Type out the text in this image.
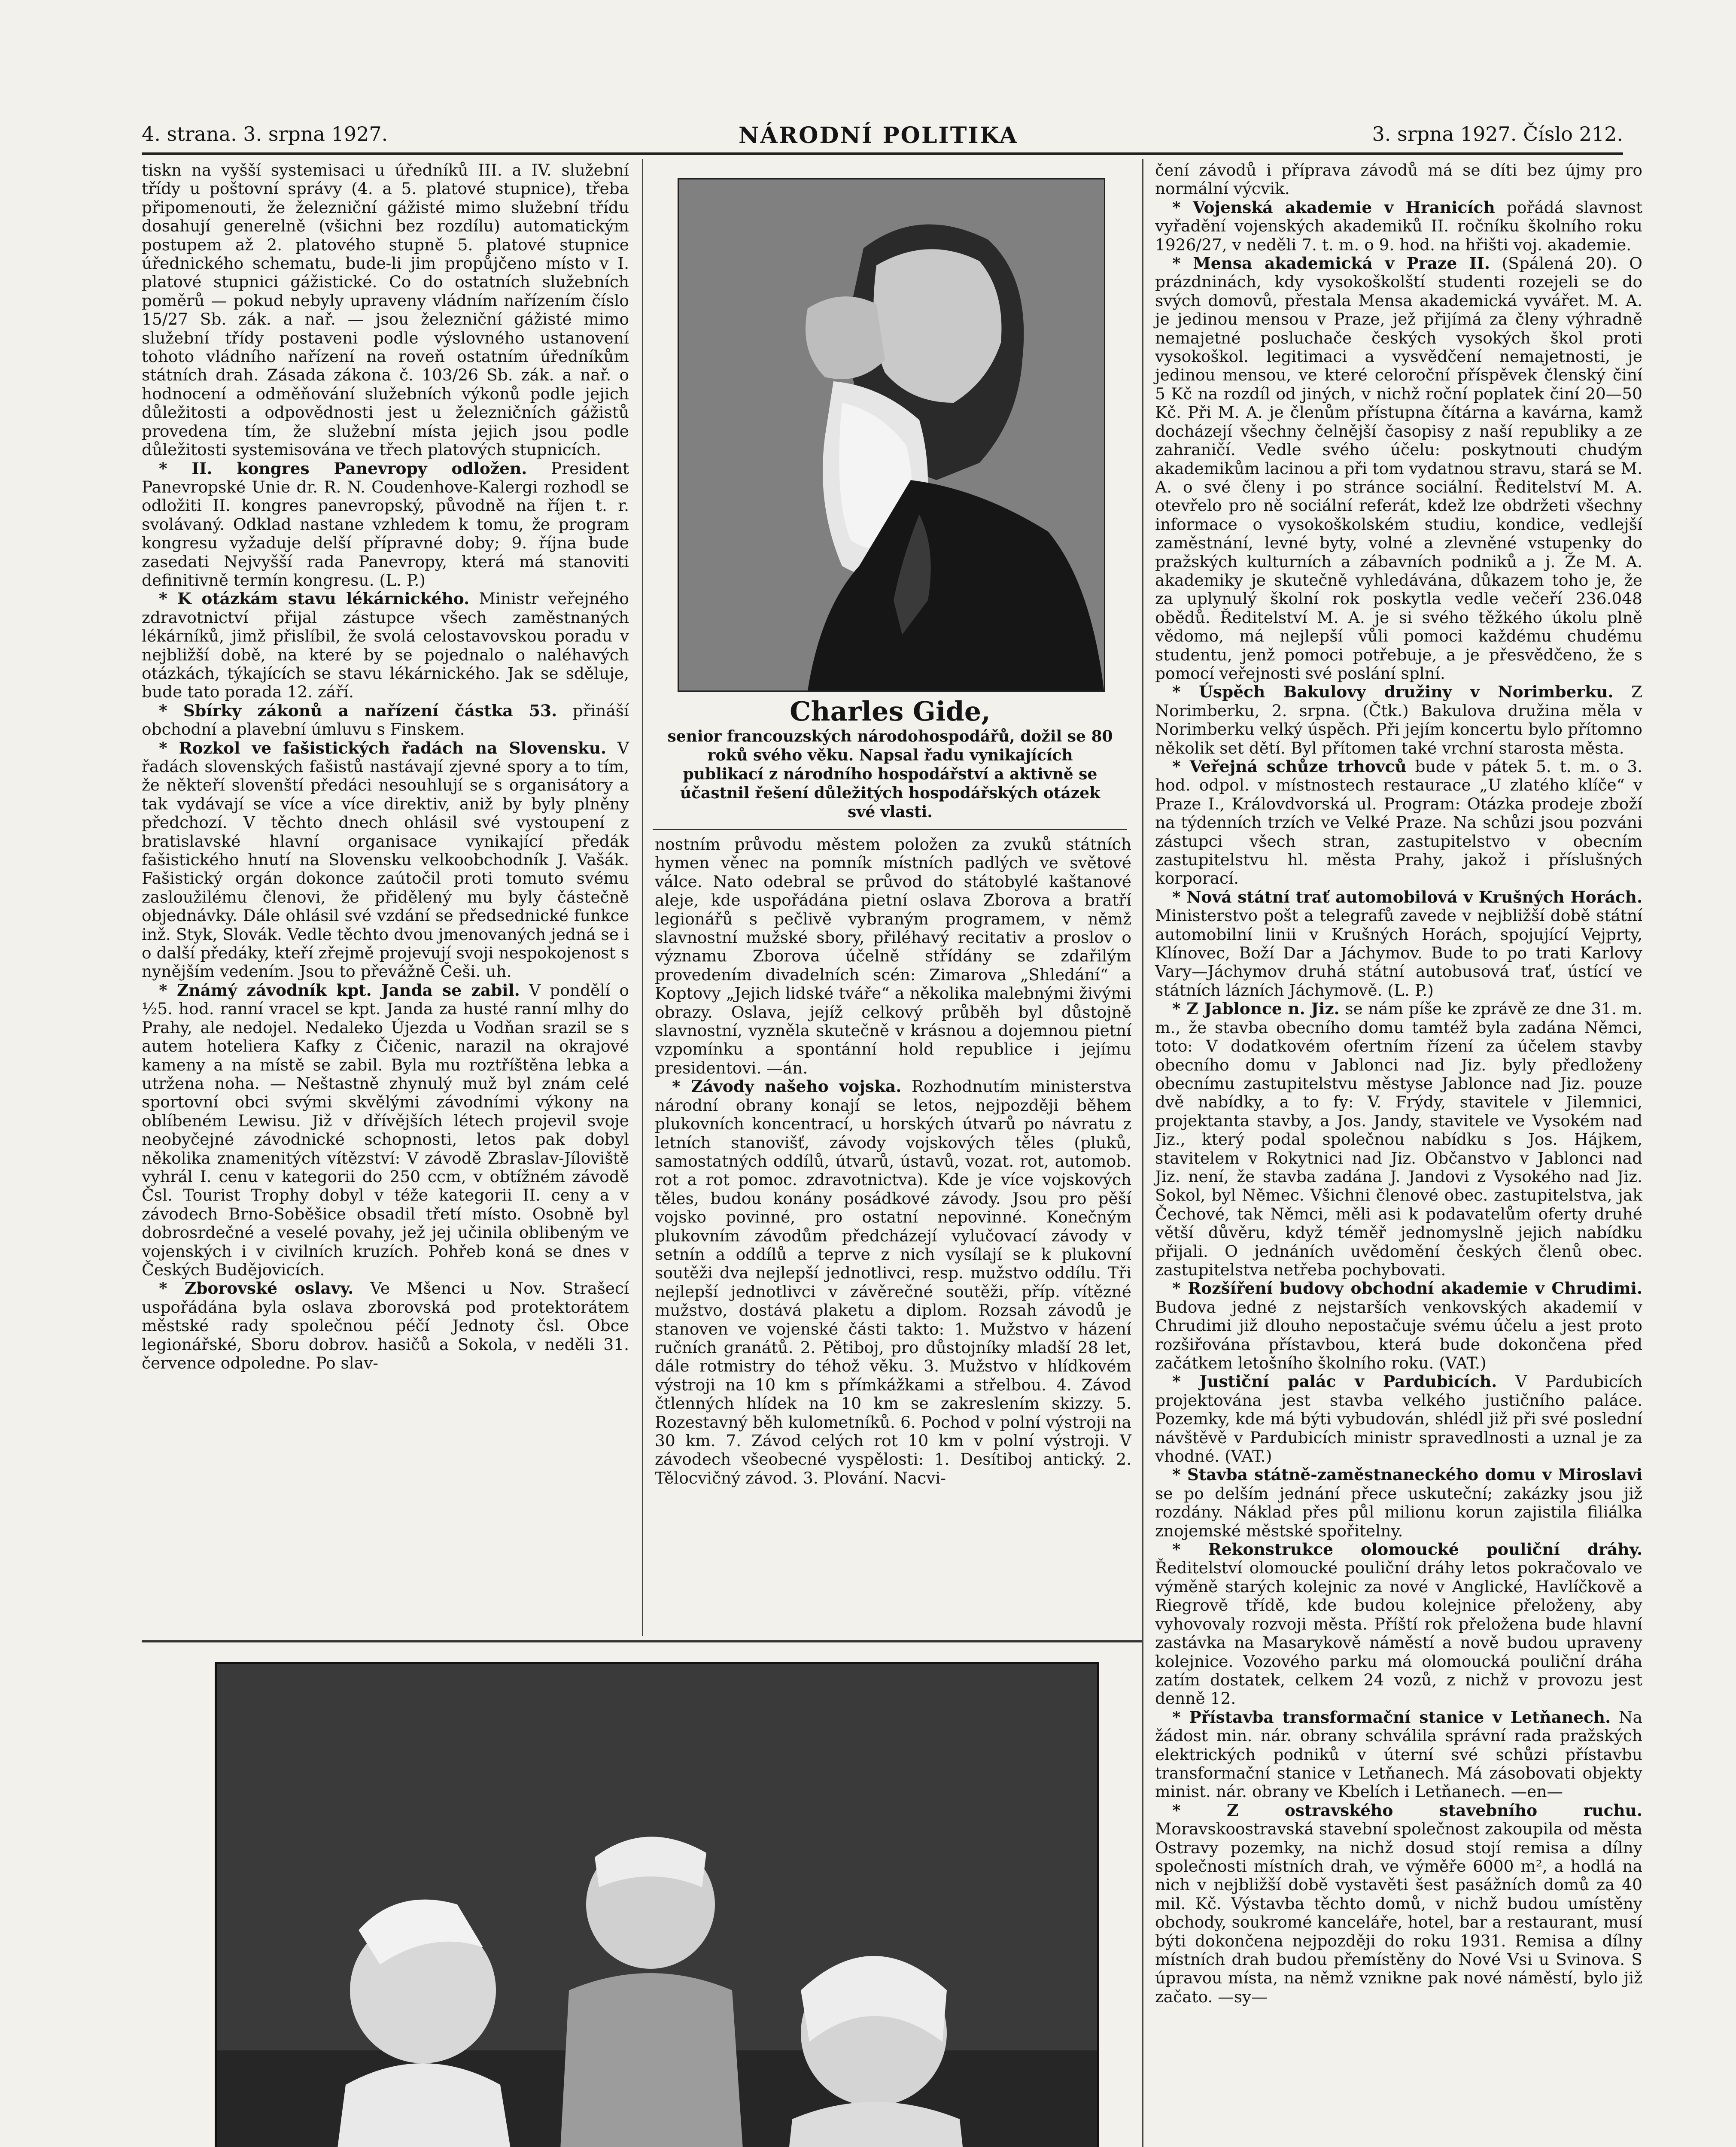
4. strana. 3. srpna 1927.	NÁRODNÍ POLITIKA	3. srpna 1927. Číslo 212.

tiskn na vyšší systemisaci u úředníků III. a IV. služební třídy u poštovní správy (4. a 5. platové stupnice), třeba připomenouti, že železniční gážisté mimo služební třídu dosahují generelně (všichni bez rozdílu) automatickým postupem až 2. platového stupně 5. platové stupnice úřednického schematu, bude-li jim propůjčeno místo v I. platové stupnici gážistické. Co do ostatních služebních poměrů — pokud nebyly upraveny vládním nařízením číslo 15/27 Sb. zák. a nař. — jsou železniční gážisté mimo služební třídy postaveni podle výslovného ustanovení tohoto vládního nařízení na roveň ostatním úředníkům státních drah. Zásada zákona č. 103/26 Sb. zák. a nař. o hodnocení a odměňování služebních výkonů podle jejich důležitosti a odpovědnosti jest u železničních gážistů provedena tím, že služební místa jejich jsou podle důležitosti systemisována ve třech platových stupnicích.

* II. kongres Panevropy odložen. President Panevropské Unie dr. R. N. Coudenhove-Kalergi rozhodl se odložiti II. kongres panevropský, původně na říjen t. r. svolávaný. Odklad nastane vzhledem k tomu, že program kongresu vyžaduje delší přípravné doby; 9. října bude zasedati Nejvyšší rada Panevropy, která má stanoviti definitivně termín kongresu. (L. P.)

* K otázkám stavu lékárnického. Ministr veřejného zdravotnictví přijal zástupce všech zaměstnaných lékárníků, jimž přislíbil, že svolá celostavovskou poradu v nejbližší době, na které by se pojednalo o naléhavých otázkách, týkajících se stavu lékárnického. Jak se sděluje, bude tato porada 12. září.

* Sbírky zákonů a nařízení částka 53. přináší obchodní a plavební úmluvu s Finskem.

* Rozkol ve fašistických řadách na Slovensku. V řadách slovenských fašistů nastávají zjevné spory a to tím, že někteří slovenští předáci nesouhlují se s organisátory a tak vydávají se více a více direktiv, aniž by byly plněny předchozí. V těchto dnech ohlásil své vystoupení z bratislavské hlavní organisace vynikající předák fašistického hnutí na Slovensku velkoobchodník J. Vašák. Fašistický orgán dokonce zaútočil proti tomuto svému zasloužilému členovi, že přidělený mu byly částečně objednávky. Dále ohlásil své vzdání se předsednické funkce inž. Styk, Slovák. Vedle těchto dvou jmenovaných jedná se i o další předáky, kteří zřejmě projevují svoji nespokojenost s nynějším vedením. Jsou to převážně Češi. uh.

* Známý závodník kpt. Janda se zabil. V pondělí o ½5. hod. ranní vracel se kpt. Janda za husté ranní mlhy do Prahy, ale nedojel. Nedaleko Újezda u Vodňan srazil se s autem hoteliera Kafky z Čičenic, narazil na okrajové kameny a na místě se zabil. Byla mu roztříštěna lebka a utržena noha. — Neštastně zhynulý muž byl znám celé sportovní obci svými skvělými závodními výkony na oblíbeném Lewisu. Již v dřívějších létech projevil svoje neobyčejné závodnické schopnosti, letos pak dobyl několika znamenitých vítězství: V závodě Zbraslav-Jíloviště vyhrál I. cenu v kategorii do 250 ccm, v obtížném závodě Čsl. Tourist Trophy dobyl v téže kategorii II. ceny a v závodech Brno-Soběšice obsadil třetí místo. Osobně byl dobrosrdečné a veselé povahy, jež jej učinila oblibeným ve vojenských i v civilních kruzích. Pohřeb koná se dnes v Českých Budějovicích.

* Zborovské oslavy. Ve Mšenci u Nov. Strašecí uspořádána byla oslava zborovská pod protektorátem městské rady společnou péčí Jednoty čsl. Obce legionářské, Sboru dobrov. hasičů a Sokola, v neděli 31. července odpoledne. Po slav-

Charles Gide,
senior francouzských národohospodářů, dožil se 80 roků svého věku. Napsal řadu vynikajících publikací z národního hospodářství a aktivně se účastnil řešení důležitých hospodářských otázek své vlasti.

nostním průvodu městem položen za zvuků státních hymen věnec na pomník místních padlých ve světové válce. Nato odebral se průvod do státobylé kaštanové aleje, kde uspořádána pietní oslava Zborova a bratří legionářů s pečlivě vybraným programem, v němž slavnostní mužské sbory, přiléhavý recitativ a proslov o významu Zborova účelně střídány se zdařilým provedením divadelních scén: Zimarova „Shledání“ a Koptovy „Jejich lidské tváře“ a několika malebnými živými obrazy. Oslava, jejíž celkový průběh byl důstojně slavnostní, vyzněla skutečně v krásnou a dojemnou pietní vzpomínku a spontánní hold republice i jejímu presidentovi. —án.

* Závody našeho vojska. Rozhodnutím ministerstva národní obrany konají se letos, nejpozději během plukovních koncentrací, u horských útvarů po návratu z letních stanovišť, závody vojskových těles (pluků, samostatných oddílů, útvarů, ústavů, vozat. rot, automob. rot a rot pomoc. zdravotnictva). Kde je více vojskových těles, budou konány posádkové závody. Jsou pro pěší vojsko povinné, pro ostatní nepovinné. Konečným plukovním závodům předcházejí vylučovací závody v setnín a oddílů a teprve z nich vysílají se k plukovní soutěži dva nejlepší jednotlivci, resp. mužstvo oddílu. Tři nejlepší jednotlivci v závěrečné soutěži, příp. vítězné mužstvo, dostává plaketu a diplom. Rozsah závodů je stanoven ve vojenské části takto: 1. Mužstvo v házení ručních granátů. 2. Pětiboj, pro důstojníky mladší 28 let, dále rotmistry do téhož věku. 3. Mužstvo v hlídkovém výstroji na 10 km s přímkážkami a střelbou. 4. Závod čtlenných hlídek na 10 km se zakreslením skizzy. 5. Rozestavný běh kulometníků. 6. Pochod v polní výstroji na 30 km. 7. Závod celých rot 10 km v polní výstroji. V závodech všeobecné vyspělosti: 1. Desítiboj antický. 2. Tělocvičný závod. 3. Plování. Nacvi-

čení závodů i příprava závodů má se díti bez újmy pro normální výcvik.

* Vojenská akademie v Hranicích pořádá slavnost vyřadění vojenských akademiků II. ročníku školního roku 1926/27, v neděli 7. t. m. o 9. hod. na hřišti voj. akademie.

* Mensa akademická v Praze II. (Spálená 20). O prázdninách, kdy vysokoškolští studenti rozejeli se do svých domovů, přestala Mensa akademická vyvářet. M. A. je jedinou mensou v Praze, jež přijímá za členy výhradně nemajetné posluchače českých vysokých škol proti vysokoškol. legitimaci a vysvědčení nemajetnosti, je jedinou mensou, ve které celoroční příspěvek členský činí 5 Kč na rozdíl od jiných, v nichž roční poplatek činí 20—50 Kč. Při M. A. je členům přístupna čítárna a kavárna, kamž docházejí všechny čelnější časopisy z naší republiky a ze zahraničí. Vedle svého účelu: poskytnouti chudým akademikům lacinou a při tom vydatnou stravu, stará se M. A. o své členy i po stránce sociální. Ředitelství M. A. otevřelo pro ně sociální referát, kdež lze obdržeti všechny informace o vysokoškolském studiu, kondice, vedlejší zaměstnání, levné byty, volné a zlevněné vstupenky do pražských kulturních a zábavních podniků a j. Že M. A. akademiky je skutečně vyhledávána, důkazem toho je, že za uplynulý školní rok poskytla vedle večeří 236.048 obědů. Ředitelství M. A. je si svého těžkého úkolu plně vědomo, má nejlepší vůli pomoci každému chudému studentu, jenž pomoci potřebuje, a je přesvědčeno, že s pomocí veřejnosti své poslání splní.

* Úspěch Bakulovy družiny v Norimberku. Z Norimberku, 2. srpna. (Čtk.) Bakulova družina měla v Norimberku velký úspěch. Při jejím koncertu bylo přítomno několik set dětí. Byl přítomen také vrchní starosta města.

* Veřejná schůze trhovců bude v pátek 5. t. m. o 3. hod. odpol. v místnostech restaurace „U zlatého klíče“ v Praze I., Královdvorská ul. Program: Otázka prodeje zboží na týdenních trzích ve Velké Praze. Na schůzi jsou pozváni zástupci všech stran, zastupitelstvo v obecním zastupitelstvu hl. města Prahy, jakož i příslušných korporací.

* Nová státní trať automobilová v Krušných Horách. Ministerstvo pošt a telegrafů zavede v nejbližší době státní automobilní linii v Krušných Horách, spojující Vejprty, Klínovec, Boží Dar a Jáchymov. Bude to po trati Karlovy Vary—Jáchymov druhá státní autobusová trať, ústící ve státních lázních Jáchymově. (L. P.)

* Z Jablonce n. Jiz. se nám píše ke zprávě ze dne 31. m. m., že stavba obecního domu tamtéž byla zadána Němci, toto: V dodatkovém ofertním řízení za účelem stavby obecního domu v Jablonci nad Jiz. byly předloženy obecnímu zastupitelstvu městyse Jablonce nad Jiz. pouze dvě nabídky, a to fy: V. Frýdy, stavitele v Jilemnici, projektanta stavby, a Jos. Jandy, stavitele ve Vysokém nad Jiz., který podal společnou nabídku s Jos. Hájkem, stavitelem v Rokytnici nad Jiz. Občanstvo v Jablonci nad Jiz. není, že stavba zadána J. Jandovi z Vysokého nad Jiz. Sokol, byl Němec. Všichni členové obec. zastupitelstva, jak Čechové, tak Němci, měli asi k podavatelům oferty druhé větší důvěru, když téměř jednomyslně jejich nabídku přijali. O jednáních uvědomění českých členů obec. zastupitelstva netřeba pochybovati.

* Rozšíření budovy obchodní akademie v Chrudimi. Budova jedné z nejstarších venkovských akademií v Chrudimi již dlouho nepostačuje svému účelu a jest proto rozšiřována přístavbou, která bude dokončena před začátkem letošního školního roku. (VAT.)

* Justiční palác v Pardubicích. V Pardubicích projektována jest stavba velkého justičního paláce. Pozemky, kde má býti vybudován, shlédl již při své poslední návštěvě v Pardubicích ministr spravedlnosti a uznal je za vhodné. (VAT.)

* Stavba státně-zaměstnaneckého domu v Miroslavi se po delším jednání přece uskuteční; zakázky jsou již rozdány. Náklad přes půl milionu korun zajistila filiálka znojemské městské spořitelny.

* Rekonstrukce olomoucké pouliční dráhy. Ředitelství olomoucké pouliční dráhy letos pokračovalo ve výměně starých kolejnic za nové v Anglické, Havlíčkově a Riegrově třídě, kde budou kolejnice přeloženy, aby vyhovovaly rozvoji města. Příští rok přeložena bude hlavní zastávka na Masarykově náměstí a nově budou upraveny kolejnice. Vozového parku má olomoucká pouliční dráha zatím dostatek, celkem 24 vozů, z nichž v provozu jest denně 12.

* Přístavba transformační stanice v Letňanech. Na žádost min. nár. obrany schválila správní rada pražských elektrických podniků v úterní své schůzi přístavbu transformační stanice v Letňanech. Má zásobovati objekty minist. nár. obrany ve Kbelích i Letňanech. —en—

* Z ostravského stavebního ruchu. Moravskoostravská stavební společnost zakoupila od města Ostravy pozemky, na nichž dosud stojí remisa a dílny společnosti místních drah, ve výměře 6000 m², a hodlá na nich v nejbližší době vystavěti šest pasážních domů za 40 mil. Kč. Výstavba těchto domů, v nichž budou umístěny obchody, soukromé kanceláře, hotel, bar a restaurant, musí býti dokončena nejpozději do roku 1931. Remisa a dílny místních drah budou přemístěny do Nové Vsi u Svinova. S úpravou místa, na němž vznikne pak nové náměstí, bylo již začato. —sy—
